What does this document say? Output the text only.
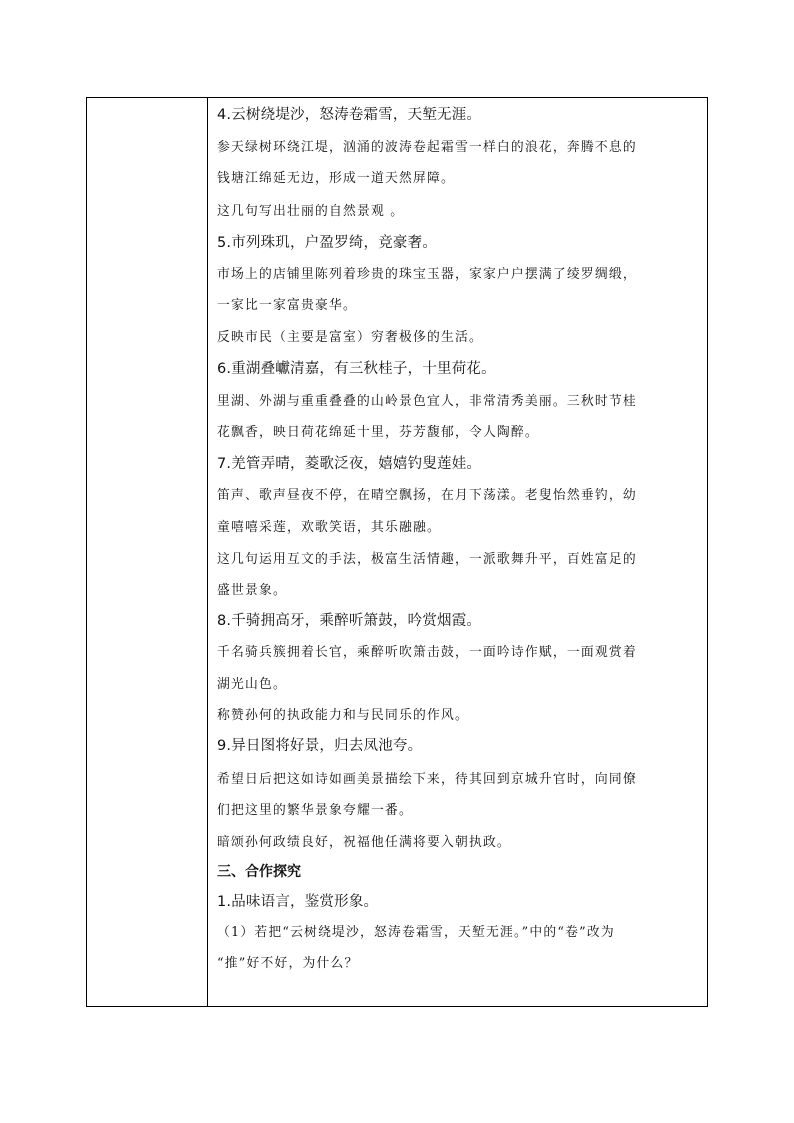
4.云树绕堤沙，怒涛卷霜雪，天堑无涯。
参天绿树环绕江堤，汹涌的波涛卷起霜雪一样白的浪花，奔腾不息的
钱塘江绵延无边，形成一道天然屏障。
这几句写出壮丽的自然景观 。
5.市列珠玑，户盈罗绮，竞豪奢。
市场上的店铺里陈列着珍贵的珠宝玉器，家家户户摆满了绫罗绸缎，
一家比一家富贵豪华。
反映市民（主要是富室）穷奢极侈的生活。
6.重湖叠巘清嘉，有三秋桂子，十里荷花。
里湖、外湖与重重叠叠的山岭景色宜人，非常清秀美丽。三秋时节桂
花飘香，映日荷花绵延十里，芬芳馥郁，令人陶醉。
7.羌管弄晴，菱歌泛夜，嬉嬉钓叟莲娃。
笛声、歌声昼夜不停，在晴空飘扬，在月下荡漾。老叟怡然垂钓，幼
童嘻嘻采莲，欢歌笑语，其乐融融。
这几句运用互文的手法，极富生活情趣，一派歌舞升平，百姓富足的
盛世景象。
8.千骑拥高牙，乘醉听箫鼓，吟赏烟霞。
千名骑兵簇拥着长官，乘醉听吹箫击鼓，一面吟诗作赋，一面观赏着
湖光山色。
称赞孙何的执政能力和与民同乐的作风。
9.异日图将好景，归去凤池夸。
希望日后把这如诗如画美景描绘下来，待其回到京城升官时，向同僚
们把这里的繁华景象夸耀一番。
暗颂孙何政绩良好，祝福他任满将要入朝执政。
三、合作探究
1.品味语言，鉴赏形象。
（1）若把“云树绕堤沙，怒涛卷霜雪，天堑无涯。”中的“卷”改为
“推”好不好，为什么？
